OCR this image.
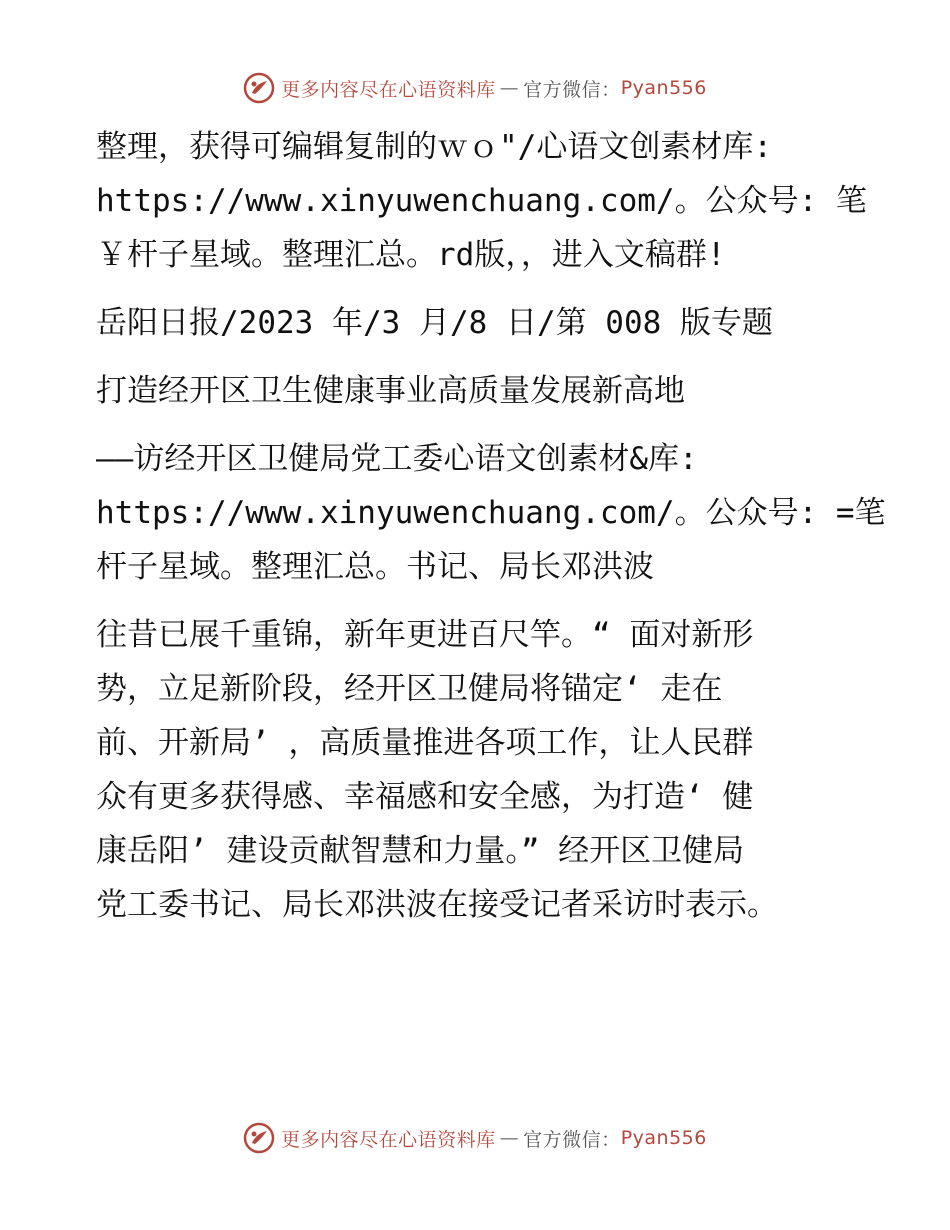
更多内容尽在心语资料库 — 官方微信： Pyan556

整理，获得可编辑复制的ｗｏ"/心语文创素材库:
https://www.xinyuwenchuang.com/。公众号: 笔
￥杆子星域。整理汇总。rd版，，进入文稿群!

岳阳日报/2023 年/3 月/8 日/第 008 版专题

打造经开区卫生健康事业高质量发展新高地

——访经开区卫健局党工委心语文创素材&库:
https://www.xinyuwenchuang.com/。公众号: =笔
杆子星域。整理汇总。书记、局长邓洪波

往昔已展千重锦，新年更进百尺竿。“ 面对新形
势，立足新阶段，经开区卫健局将锚定‘ 走在
前、开新局’ ，高质量推进各项工作，让人民群
众有更多获得感、幸福感和安全感，为打造‘ 健
康岳阳’ 建设贡献智慧和力量。” 经开区卫健局
党工委书记、局长邓洪波在接受记者采访时表示。

更多内容尽在心语资料库 — 官方微信： Pyan556
